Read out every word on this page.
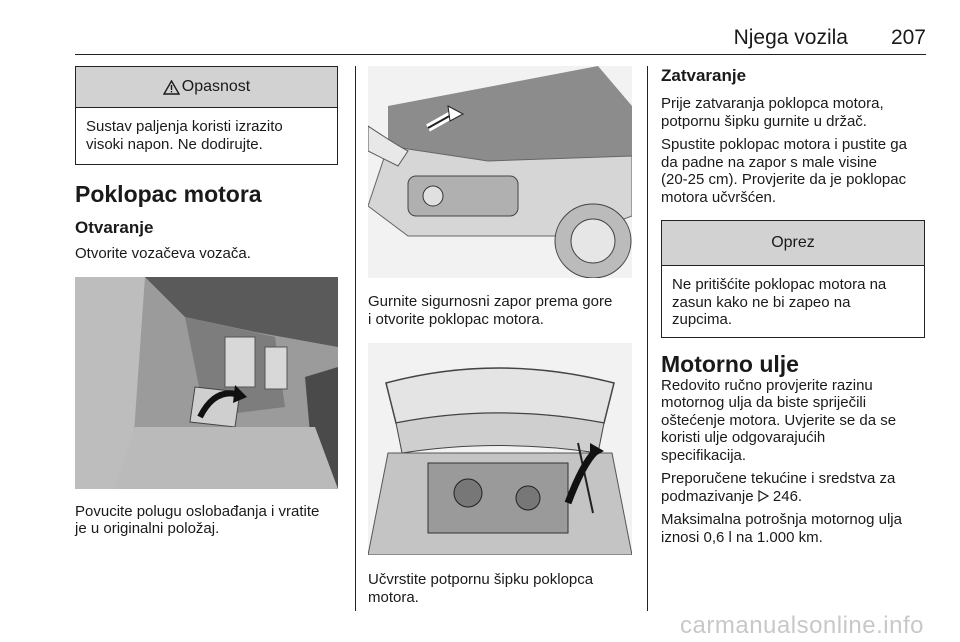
Njega vozila 207
Opasnost
Sustav paljenja koristi izrazito
visoki napon. Ne dodirujte.
Poklopac motora
Otvaranje

Otvorite vozačeva vozača.

Povucite polugu oslobađanja i vratite
je u originalni položaj.

Gurnite sigurnosni zapor prema gore
i otvorite poklopac motora.

Učvrstite potpornu šipku poklopca
motora.

Zatvaranje

Prije zatvaranja poklopca motora,
potpornu šipku gurnite u držač.

Spustite poklopac motora i pustite ga
da padne na zapor s male visine
(20-25 cm). Provjerite da je poklopac
motora učvršćen.

Oprez
Ne pritišćite poklopac motora na
zasun kako ne bi zapeo na
zupcima.
Motorno ulje

Redovito ručno provjerite razinu
motornog ulja da biste spriječili
oštećenje motora. Uvjerite se da se
koristi ulje odgovarajućih
specifikacija.

Preporučene tekućine i sredstva za
podmazivanje 246.

Maksimalna potrošnja motornog ulja
iznosi 0,6 l na 1.000 km.

carmanualsonline.info
